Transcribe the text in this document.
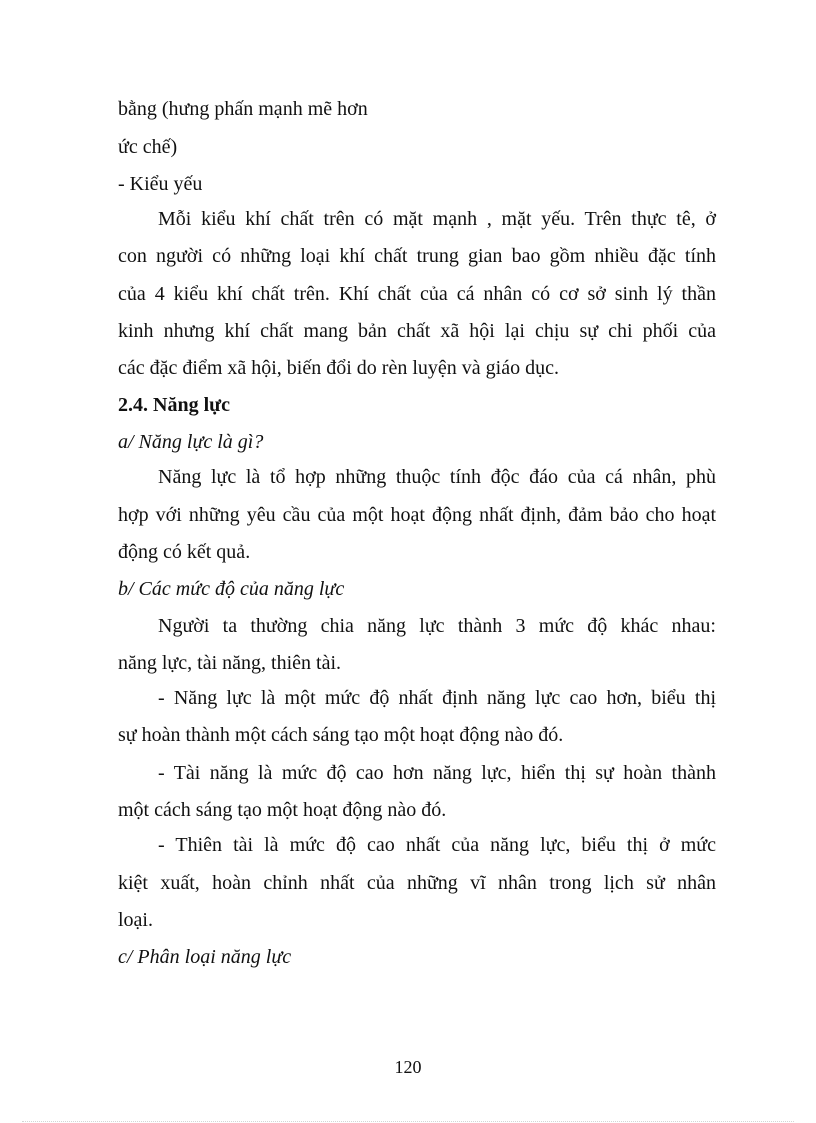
bằng (hưng phấn mạnh mẽ hơn
ức chế)
- Kiểu yếu
Mỗi kiểu khí chất trên có mặt mạnh , mặt yếu. Trên thực tê, ở
con người có những loại khí chất trung gian bao gồm nhiều đặc tính
của 4 kiểu khí chất trên. Khí chất của cá nhân có cơ sở sinh lý thần
kinh nhưng khí chất mang bản chất xã hội lại chịu sự chi phối của
các đặc điểm xã hội, biến đổi do rèn luyện và giáo dục.
2.4. Năng lực
a/ Năng lực là gì?
Năng lực là tổ hợp những thuộc tính độc đáo của cá nhân, phù
hợp với những yêu cầu của một hoạt động nhất định, đảm bảo cho hoạt
động có kết quả.
b/ Các mức độ của năng lực
Người ta thường chia năng lực thành 3 mức độ khác nhau:
năng lực, tài năng, thiên tài.
- Năng lực là một mức độ nhất định năng lực cao hơn, biểu thị
sự hoàn thành một cách sáng tạo một hoạt động nào đó.
- Tài năng là mức độ cao hơn năng lực, hiển thị sự hoàn thành
một cách sáng tạo một hoạt động nào đó.
- Thiên tài là mức độ cao nhất của năng lực, biểu thị ở mức
kiệt xuất, hoàn chỉnh nhất của những vĩ nhân trong lịch sử nhân
loại.
c/ Phân loại năng lực
120
